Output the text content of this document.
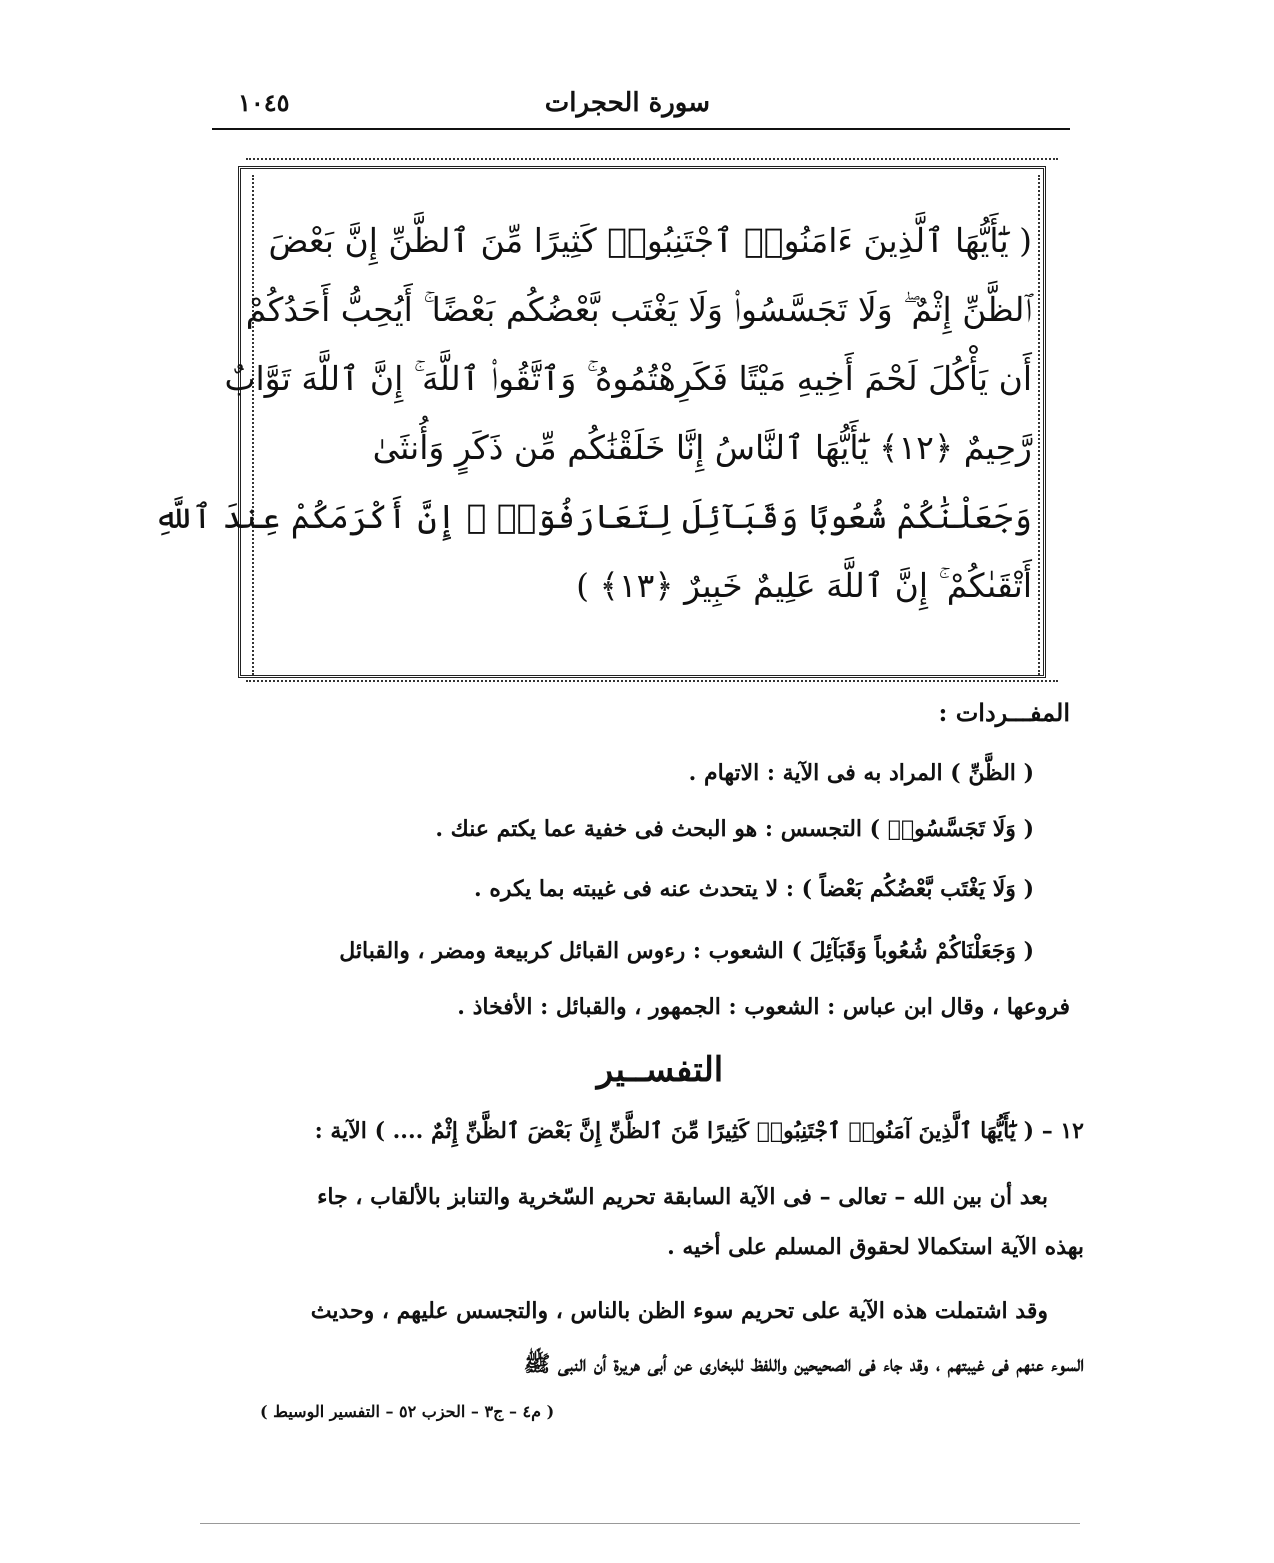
سورة الحجرات
١٠٤٥
( يَٰٓأَيُّهَا ٱلَّذِينَ ءَامَنُوا۟ ٱجْتَنِبُوا۟ كَثِيرًا مِّنَ ٱلظَّنِّ إِنَّ بَعْضَ
ٱلظَّنِّ إِثْمٌ ۖ وَلَا تَجَسَّسُوا۟ وَلَا يَغْتَب بَّعْضُكُم بَعْضًا ۚ أَيُحِبُّ أَحَدُكُمْ
أَن يَأْكُلَ لَحْمَ أَخِيهِ مَيْتًا فَكَرِهْتُمُوهُ ۚ وَٱتَّقُوا۟ ٱللَّهَ ۚ إِنَّ ٱللَّهَ تَوَّابٌ
رَّحِيمٌ ﴿١٢﴾ يَٰٓأَيُّهَا ٱلنَّاسُ إِنَّا خَلَقْنَٰكُم مِّن ذَكَرٍ وَأُنثَىٰ
وَجَعَلْنَٰكُمْ شُعُوبًا وَقَبَآئِلَ لِتَعَارَفُوٓا۟ ۚ إِنَّ أَكْرَمَكُمْ عِندَ ٱللَّهِ
أَتْقَىٰكُمْ ۚ إِنَّ ٱللَّهَ عَلِيمٌ خَبِيرٌ ﴿١٣﴾ )
المفـــردات :
( الظَّنِّ ) المراد به فى الآية : الاتهام .
( وَلَا تَجَسَّسُوا۟ ) التجسس : هو البحث فى خفية عما يكتم عنك .
( وَلَا يَغْتَب بَّعْضُكُم بَعْضاً ) : لا يتحدث عنه فى غيبته بما يكره .
( وَجَعَلْنَاكُمْ شُعُوباً وَقَبَآئِلَ ) الشعوب : رءوس القبائل كربيعة ومضر ، والقبائل
فروعها ، وقال ابن عباس : الشعوب : الجمهور ، والقبائل : الأفخاذ .
التفســير
١٢ – ( يَٰٓأَيُّهَا ٱلَّذِينَ آمَنُوا۟ ٱجْتَنِبُوا۟ كَثِيرًا مِّنَ ٱلظَّنِّ إِنَّ بَعْضَ ٱلظَّنِّ إِثْمٌ .... ) الآية :
بعد أن بين الله – تعالى – فى الآية السابقة تحريم السّخرية والتنابز بالألقاب ، جاء
بهذه الآية استكمالا لحقوق المسلم على أخيه .
وقد اشتملت هذه الآية على تحريم سوء الظن بالناس ، والتجسس عليهم ، وحديث
السوء عنهم فى غيبتهم ، وقد جاء فى الصحيحين واللفظ للبخارى عن أبى هريرة أن النبى ﷺ
( م٤ – ج٣ – الحزب ٥٢ – التفسير الوسيط )
